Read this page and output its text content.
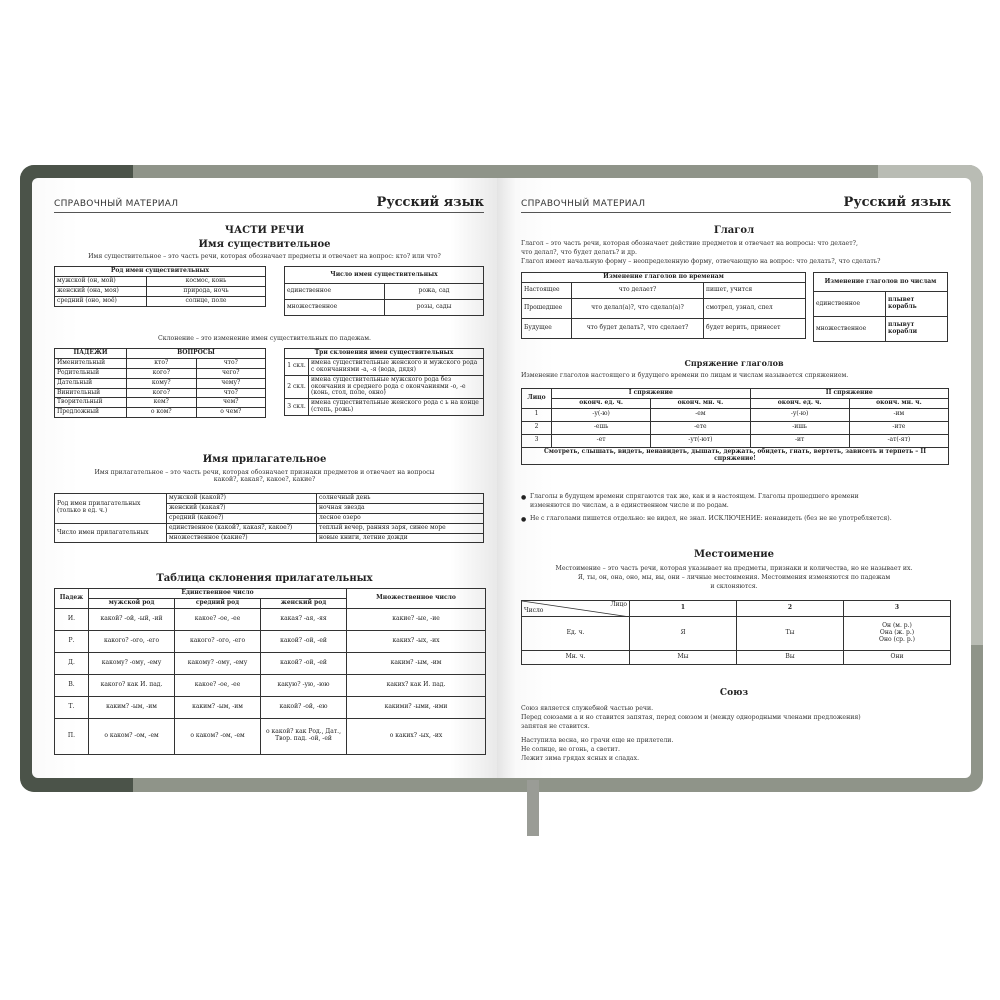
СПРАВОЧНЫЙ МАТЕРИАЛ	Русский язык
ЧАСТИ РЕЧИ
Имя существительное
Имя существительное – это часть речи, которая обозначает предметы и отвечает на вопрос: кто? или что?
Род имен существительных	
мужской (он, мой)	космос, конь
женский (она, моя)	природа, ночь
средний (оно, моё)	солнце, поле
Число имен существительных	
единственное	рожа, сад
множественное	розы, сады
Склонение – это изменение имен существительных по падежам.
ПАДЕЖИ	ВОПРОСЫ	
Именительный	кто?	что?
Родительный	кого?	чего?
Дательный	кому?	чему?
Винительный	кого?	что?
Творительный	кем?	чем?
Предложный	о ком?	о чем?
Три склонения имен существительных	
1 скл.	имена существительные женского и мужского рода с окончаниями -а, -я (вода, дядя)
2 скл.	имена существительные мужского рода без окончания и среднего рода с окончаниями -о, -е (конь, стол, поле, окно)
3 скл.	имена существительные женского рода с ь на конце (степь, рожь)
Имя прилагательное
Имя прилагательное – это часть речи, которая обозначает признаки предметов и отвечает на вопросы какой?, какая?, какое?, какие?
Род имен прилагательных (только в ед. ч.)	мужской (какой?)	солнечный день
	женский (какая?)	ночная звезда
	средний (какое?)	лесное озеро
Число имен прилагательных	единственное (какой?, какая?, какое?)	теплый вечер, ранняя заря, синее море
	множественное (какие?)	новые книги, летние дожди
Таблица склонения прилагательных
Падеж	Единственное число			Множественное число
	мужской род	средний род	женский род	
И.	какой? -ой, -ый, -ий	какое? -ое, -ее	какая? -ая, -яя	какие? -ые, -ие
Р.	какого? -ого, -его	какого? -ого, -его	какой? -ой, -ей	каких? -ых, -их
Д.	какому? -ому, -ему	какому? -ому, -ему	какой? -ой, -ей	каким? -ым, -им
В.	какого? как И. пад.	какое? -ое, -ее	какую? -ую, -юю	каких? как И. пад.
Т.	каким? -ым, -им	каким? -ым, -им	какой? -ой, -ею	какими? -ыми, -ими
П.	о каком? -ом, -ем	о каком? -ом, -ем	о какой? как Род., Дат., Твор. пад. -ой, -ей	о каких? -ых, -их
СПРАВОЧНЫЙ МАТЕРИАЛ	Русский язык
Глагол
Глагол – это часть речи, которая обозначает действие предметов и отвечает на вопросы: что делает?,
что делал?, что будет делать? и др.
Глагол имеет начальную форму – неопределенную форму, отвечающую на вопрос: что делать?, что сделать?
Изменение глаголов по временам		
Настоящее	что делает?	пишет, учится
Прошедшее	что делал(а)?, что сделал(а)?	смотрел, узнал, спел
Будущее	что будет делать?, что сделает?	будет верить, принесет
Изменение глаголов по числам	
единственное	плывет корабль
множественное	плывут корабли
Спряжение глаголов
Изменение глаголов настоящего и будущего времени по лицам и числам называется спряжением.
Лицо	I спряжение		II спряжение	
	оконч. ед. ч.	оконч. мн. ч.	оконч. ед. ч.	оконч. мн. ч.
1	-у(-ю)	-ем	-у(-ю)	-им
2	-ешь	-ете	-ишь	-ите
3	-ет	-ут(-ют)	-ит	-ат(-ят)
Смотреть, слышать, видеть, ненавидеть, дышать, держать, обидеть, гнать, вертеть, зависеть и терпеть – II спряжение!				
● Глаголы в будущем времени спрягаются так же, как и в настоящем. Глаголы прошедшего времени
изменяются по числам, а в единственном числе и по родам.
● Не с глаголами пишется отдельно: не видел, не знал. ИСКЛЮЧЕНИЕ: ненавидеть (без не не употребляется).
Местоимение
Местоимение – это часть речи, которая указывает на предметы, признаки и количества, но не называет их.
Я, ты, он, она, оно, мы, вы, они – личные местоимения. Местоимения изменяются по падежам
и склоняются.
Число
Лицо	1	2	3
Ед. ч.	Я	Ты	Он (м. р.)
Она (ж. р.)
Оно (ср. р.)

Мн. ч.	Мы	Вы	Они
Союз
Союз является служебной частью речи.
Перед союзами а и но ставится запятая, перед союзом и (между однородными членами предложения)
запятая не ставится.
Наступила весна, но грачи еще не прилетели.
Не солнце, не огонь, а светит.
Лежит зима грядах ясных и сладах.
